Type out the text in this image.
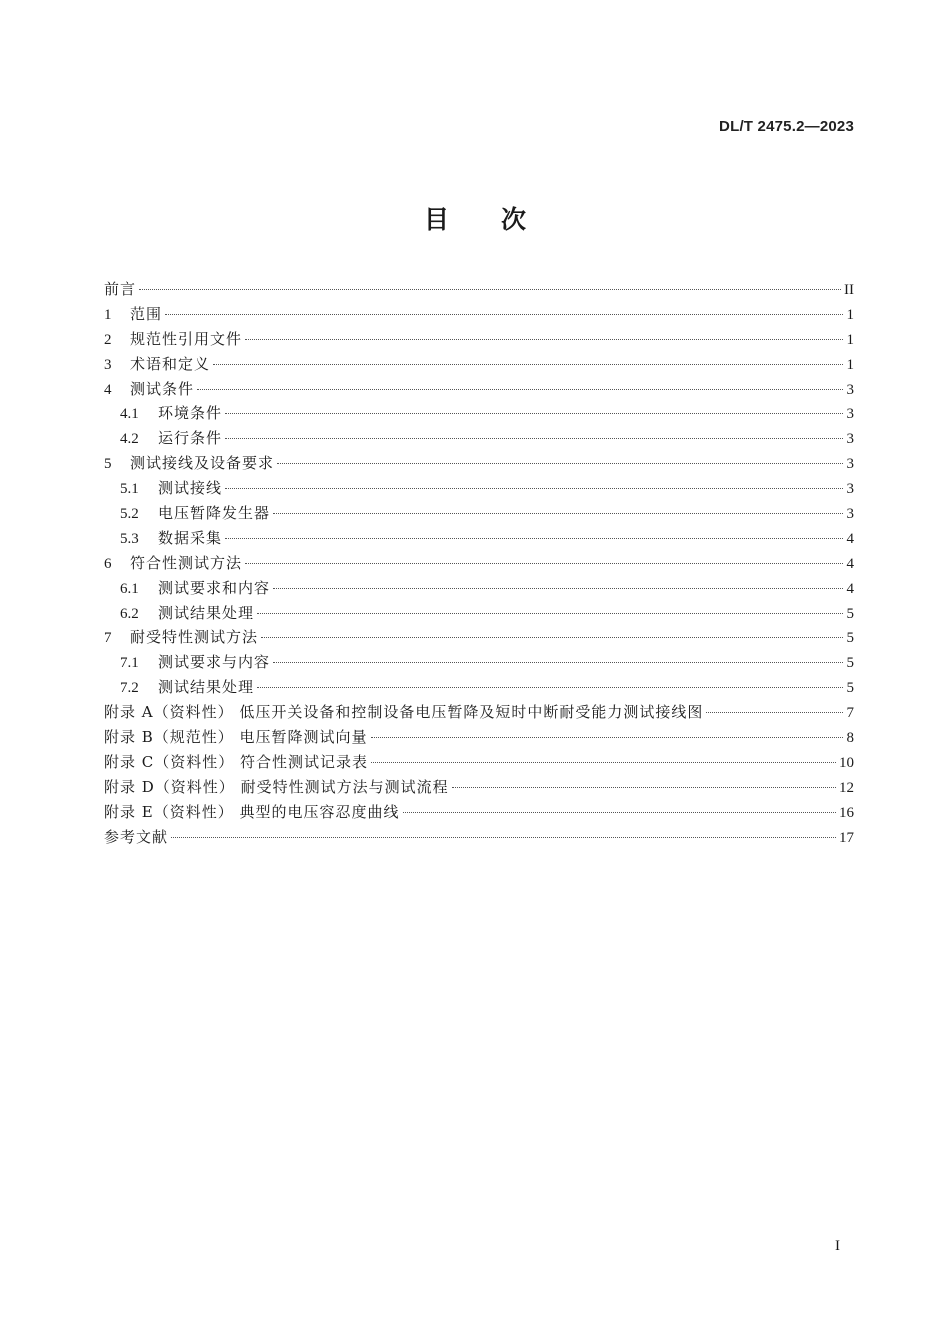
DL/T 2475.2—2023
目 次
前言	II
1	范围	1
2	规范性引用文件	1
3	术语和定义	1
4	测试条件	3
4.1	环境条件	3
4.2	运行条件	3
5	测试接线及设备要求	3
5.1	测试接线	3
5.2	电压暂降发生器	3
5.3	数据采集	4
6	符合性测试方法	4
6.1	测试要求和内容	4
6.2	测试结果处理	5
7	耐受特性测试方法	5
7.1	测试要求与内容	5
7.2	测试结果处理	5
附录 A（资料性） 低压开关设备和控制设备电压暂降及短时中断耐受能力测试接线图	7
附录 B（规范性） 电压暂降测试向量	8
附录 C（资料性） 符合性测试记录表	10
附录 D（资料性） 耐受特性测试方法与测试流程	12
附录 E（资料性） 典型的电压容忍度曲线	16
参考文献	17
I
